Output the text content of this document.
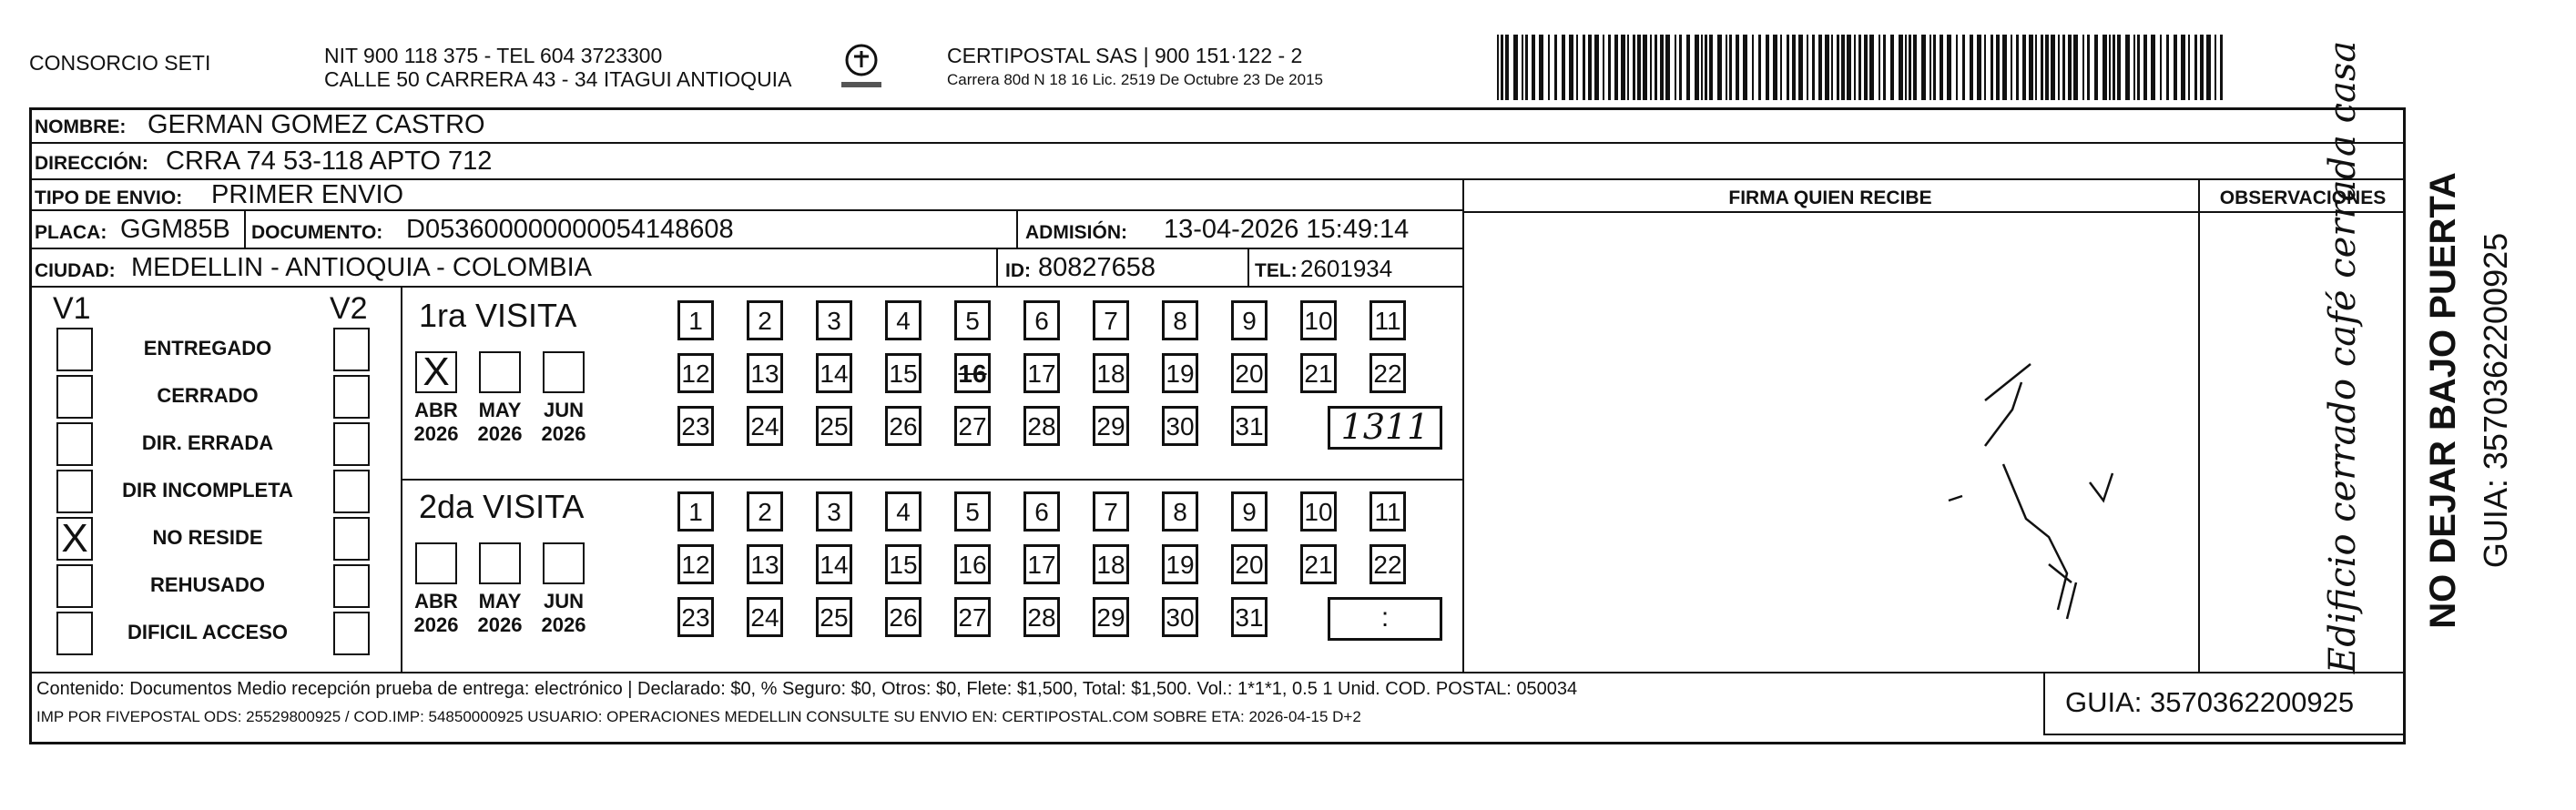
CONSORCIO SETI	NIT 900 118 375 - TEL 604 3723300
CALLE 50 CARRERA 43 - 34 ITAGUI ANTIOQUIA
CERTIPOSTAL SAS | 900 151·122 - 2
Carrera 80d N 18 16 Lic. 2519 De Octubre 23 De 2015
NOMBRE: GERMAN GOMEZ CASTRO
DIRECCIÓN: CRRA 74 53-118 APTO 712
TIPO DE ENVIO: PRIMER ENVIO
PLACA: GGM85B DOCUMENTO: D053600000000054148608	ADMISIÓN: 13-04-2026 15:49:14
CIUDAD: MEDELLIN - ANTIOQUIA - COLOMBIA	ID: 80827658	TEL: 2601934
FIRMA QUIEN RECIBE	OBSERVACIONES
Edificio cerrado café cerrada casa
V1	V2
ENTREGADO
CERRADO
DIR. ERRADA
DIR INCOMPLETA
X	NO RESIDE
REHUSADO
DIFICIL ACCESO
1ra VISITA
2da VISITA
X
ABR
2026
MAY
2026
JUN
2026
ABR
2026
MAY
2026
JUN
2026
1	2	3	4	5	6	7	8	9	10 11
12 13 14 15 16 17 18 19 20 21 22
23 24 25 26 27 28 29 30 31	1311
1	2	3	4	5	6	7	8	9	10 11
12 13 14 15 16 17 18 19 20 21 22
23 24 25 26 27 28 29 30 31	:
Contenido: Documentos Medio recepción prueba de entrega: electrónico | Declarado: $0, % Seguro: $0, Otros: $0, Flete: $1,500, Total: $1,500. Vol.: 1*1*1, 0.5 1 Unid. COD. POSTAL: 050034
IMP POR FIVEPOSTAL ODS: 25529800925 / COD.IMP: 54850000925 USUARIO: OPERACIONES MEDELLIN CONSULTE SU ENVIO EN: CERTIPOSTAL.COM SOBRE ETA: 2026-04-15 D+2	GUIA: 3570362200925
NO DEJAR BAJO PUERTA GUIA: 3570362200925
